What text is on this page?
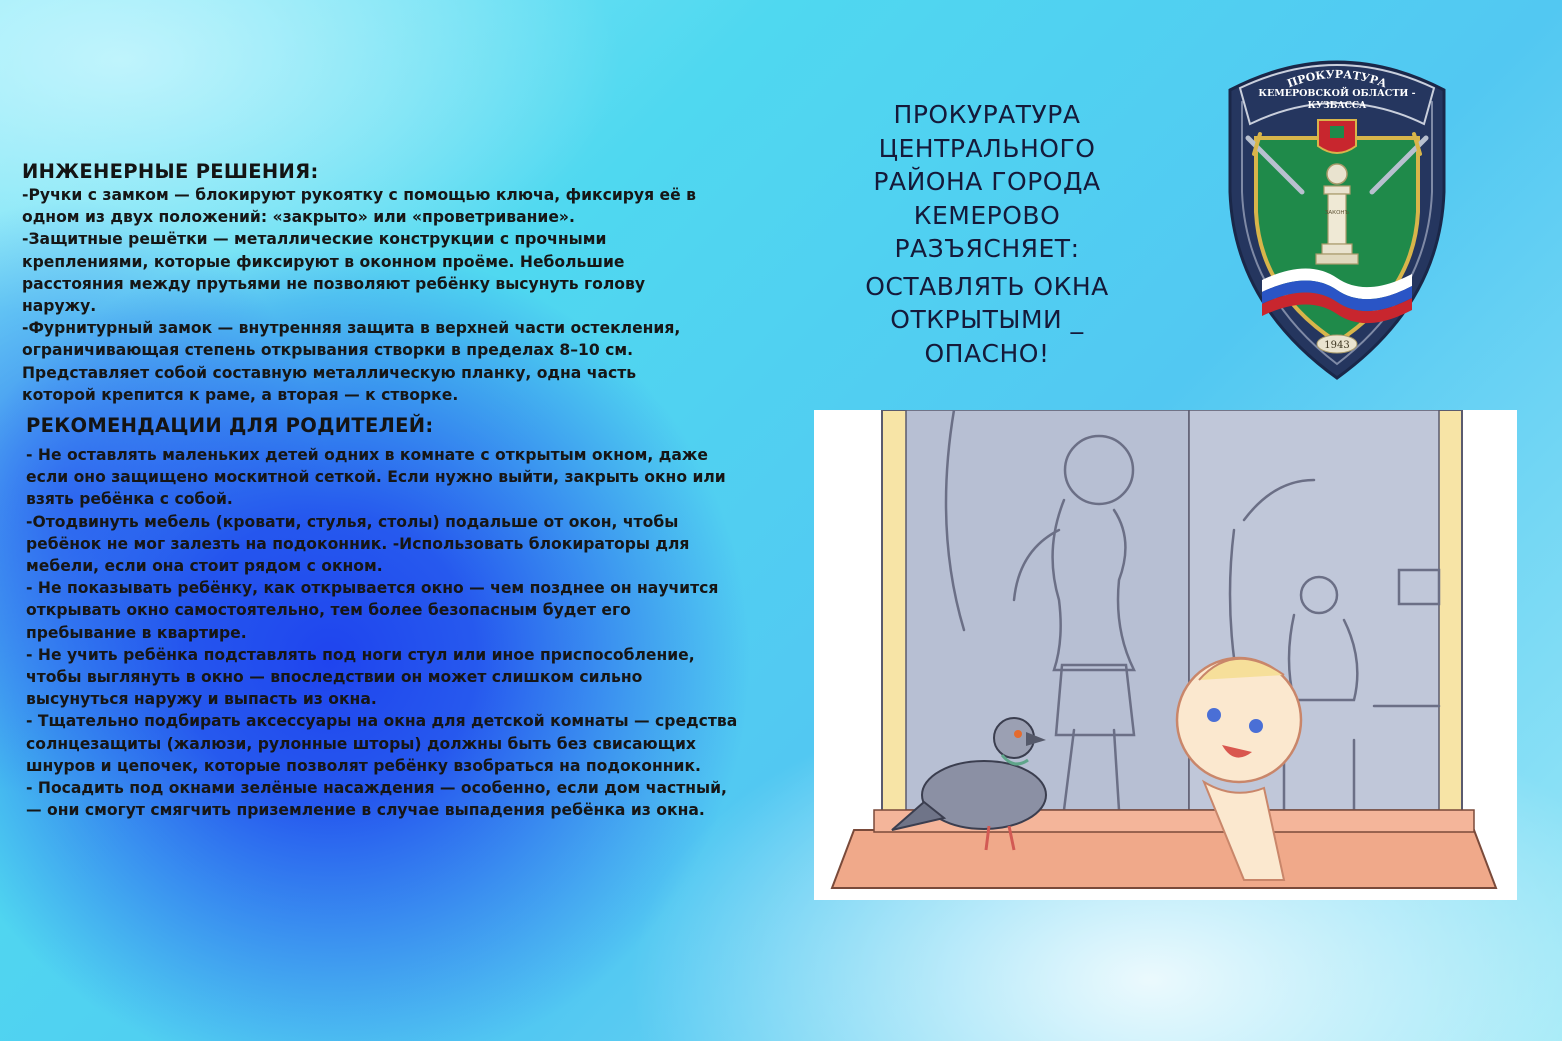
ИНЖЕНЕРНЫЕ РЕШЕНИЯ:

-Ручки с замком — блокируют рукоятку с помощью ключа, фиксируя её в

одном из двух положений: «закрыто» или «проветривание».

-Защитные решётки — металлические конструкции с прочными

креплениями, которые фиксируют в оконном проёме. Небольшие

расстояния между прутьями не позволяют ребёнку высунуть голову

наружу.

-Фурнитурный замок — внутренняя защита в верхней части остекления,

ограничивающая степень открывания створки в пределах 8–10 см.

Представляет собой составную металлическую планку, одна часть

которой крепится к раме, а вторая — к створке.

РЕКОМЕНДАЦИИ ДЛЯ РОДИТЕЛЕЙ:

- Не оставлять маленьких детей одних в комнате с открытым окном, даже

если оно защищено москитной сеткой. Если нужно выйти, закрыть окно или

взять ребёнка с собой.

-Отодвинуть мебель (кровати, стулья, столы) подальше от окон, чтобы

ребёнок не мог залезть на подоконник. -Использовать блокираторы для

мебели, если она стоит рядом с окном.

- Не показывать ребёнку, как открывается окно — чем позднее он научится

открывать окно самостоятельно, тем более безопасным будет его

пребывание в квартире.

- Не учить ребёнка подставлять под ноги стул или иное приспособление,

чтобы выглянуть в окно — впоследствии он может слишком сильно

высунуться наружу и выпасть из окна.

- Тщательно подбирать аксессуары на окна для детской комнаты — средства

солнцезащиты (жалюзи, рулонные шторы) должны быть без свисающих

шнуров и цепочек, которые позволят ребёнку взобраться на подоконник.

- Посадить под окнами зелёные насаждения — особенно, если дом частный,

— они смогут смягчить приземление в случае выпадения ребёнка из окна.

ПРОКУРАТУРА
ЦЕНТРАЛЬНОГО
РАЙОНА ГОРОДА
КЕМЕРОВО
РАЗЪЯСНЯЕТ:
ОСТАВЛЯТЬ ОКНА
ОТКРЫТЫМИ _
ОПАСНО!
ПРОКУРАТУРА
КЕМЕРОВСКОЙ ОБЛАСТИ -
КУЗБАССА
ЗАКОНЪ
1943
